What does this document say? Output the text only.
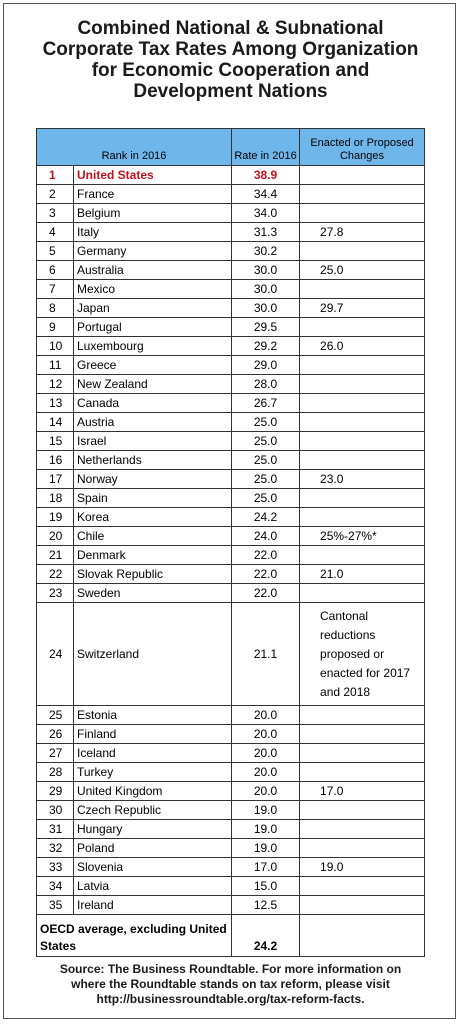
Combined National & Subnational
Corporate Tax Rates Among Organization
for Economic Cooperation and
Development Nations
Rank in 2016		Rate in 2016	Enacted or Proposed Changes
1	United States	38.9	
2	France	34.4	
3	Belgium	34.0	
4	Italy	31.3	27.8
5	Germany	30.2	
6	Australia	30.0	25.0
7	Mexico	30.0	
8	Japan	30.0	29.7
9	Portugal	29.5	
10	Luxembourg	29.2	26.0
11	Greece	29.0	
12	New Zealand	28.0	
13	Canada	26.7	
14	Austria	25.0	
15	Israel	25.0	
16	Netherlands	25.0	
17	Norway	25.0	23.0
18	Spain	25.0	
19	Korea	24.2	
20	Chile	24.0	25%-27%*
21	Denmark	22.0	
22	Slovak Republic	22.0	21.0
23	Sweden	22.0	
24	Switzerland	21.1	Cantonal reductions proposed or enacted for 2017 and 2018
25	Estonia	20.0	
26	Finland	20.0	
27	Iceland	20.0	
28	Turkey	20.0	
29	United Kingdom	20.0	17.0
30	Czech Republic	19.0	
31	Hungary	19.0	
32	Poland	19.0	
33	Slovenia	17.0	19.0
34	Latvia	15.0	
35	Ireland	12.5	
OECD average, excluding United States		24.2	
Source: The Business Roundtable. For more information on
where the Roundtable stands on tax reform, please visit
http://businessroundtable.org/tax-reform-facts.
